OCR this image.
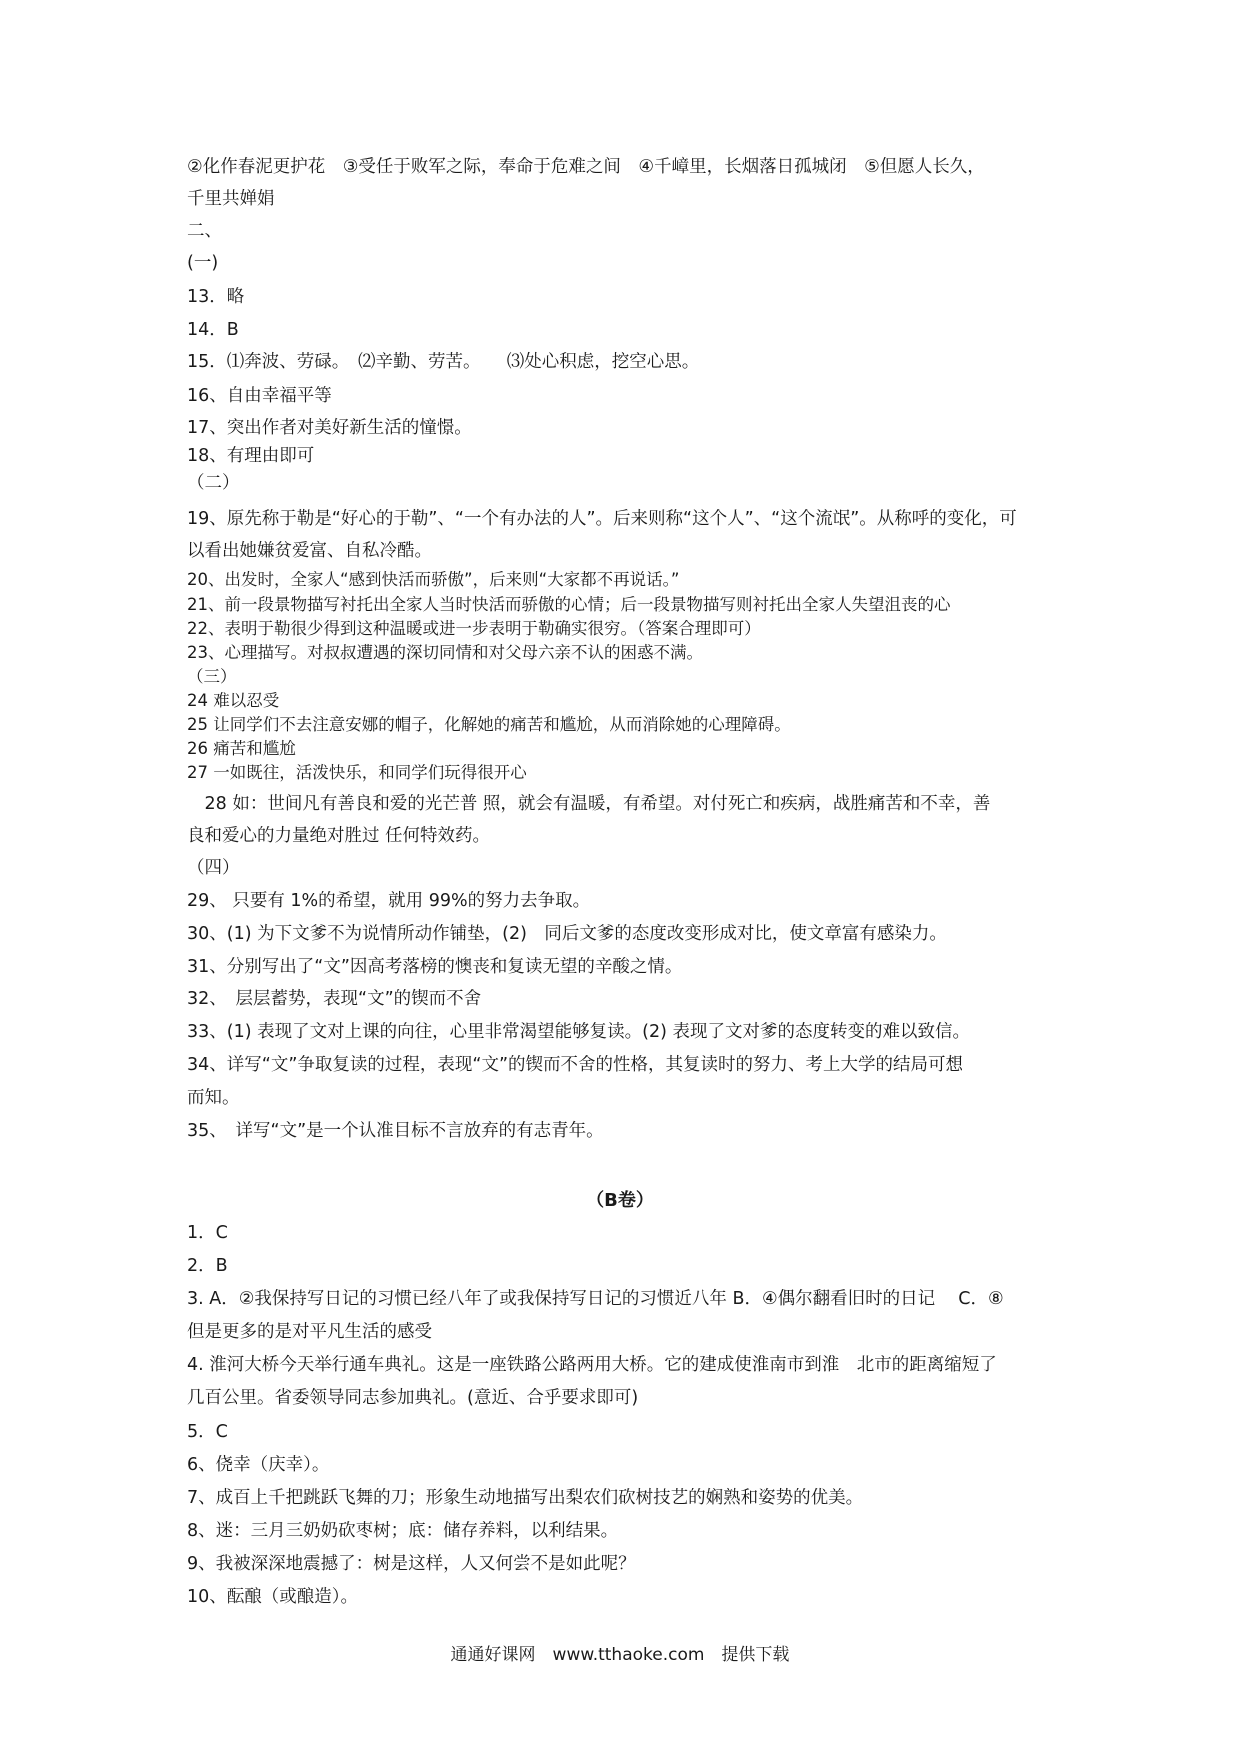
②化作春泥更护花　③受任于败军之际，奉命于危难之间　④千嶂里，长烟落日孤城闭　⑤但愿人长久，
千里共婵娟
二、
(一)
13．略
14．B
15．⑴奔波、劳碌。　⑵辛勤、劳苦。　　⑶处心积虑，挖空心思。
16、自由幸福平等
17、突出作者对美好新生活的憧憬。
18、有理由即可
（二）
19、原先称于勒是“好心的于勒”、“一个有办法的人”。后来则称“这个人”、“这个流氓”。从称呼的变化，可
以看出她嫌贫爱富、自私冷酷。
20、出发时，全家人“感到快活而骄傲”，后来则“大家都不再说话。”
21、前一段景物描写衬托出全家人当时快活而骄傲的心情；后一段景物描写则衬托出全家人失望沮丧的心
22、表明于勒很少得到这种温暖或进一步表明于勒确实很穷。（答案合理即可）
23、心理描写。对叔叔遭遇的深切同情和对父母六亲不认的困惑不满。
（三）
24 难以忍受
25 让同学们不去注意安娜的帽子，化解她的痛苦和尴尬，从而消除她的心理障碍。
26 痛苦和尴尬
27 一如既往，活泼快乐，和同学们玩得很开心
　28 如：世间凡有善良和爱的光芒普 照，就会有温暖，有希望。对付死亡和疾病，战胜痛苦和不幸，善
良和爱心的力量绝对胜过 任何特效药。
（四）
29、 只要有 1%的希望，就用 99%的努力去争取。
30、(1) 为下文爹不为说情所动作铺垫，(2)　同后文爹的态度改变形成对比，使文章富有感染力。
31、分别写出了“文”因高考落榜的懊丧和复读无望的辛酸之情。
32、　层层蓄势，表现“文”的锲而不舍
33、(1) 表现了文对上课的向往，心里非常渴望能够复读。(2) 表现了文对爹的态度转变的难以致信。
34、详写“文”争取复读的过程，表现“文”的锲而不舍的性格，其复读时的努力、考上大学的结局可想
而知。
35、　详写“文”是一个认准目标不言放弃的有志青年。
（B卷）
1．C
2．B
3. A．②我保持写日记的习惯已经八年了或我保持写日记的习惯近八年 B．④偶尔翻看旧时的日记　 C．⑧
但是更多的是对平凡生活的感受
4. 淮河大桥今天举行通车典礼。这是一座铁路公路两用大桥。它的建成使淮南市到淮　北市的距离缩短了
几百公里。省委领导同志参加典礼。(意近、合乎要求即可)
5．C
6、侥幸（庆幸）。
7、成百上千把跳跃飞舞的刀；形象生动地描写出梨农们砍树技艺的娴熟和姿势的优美。
8、迷：三月三奶奶砍枣树；底：储存养料，以利结果。
9、我被深深地震撼了：树是这样，人又何尝不是如此呢？
10、酝酿（或酿造）。
通通好课网　www.tthaoke.com　提供下载
